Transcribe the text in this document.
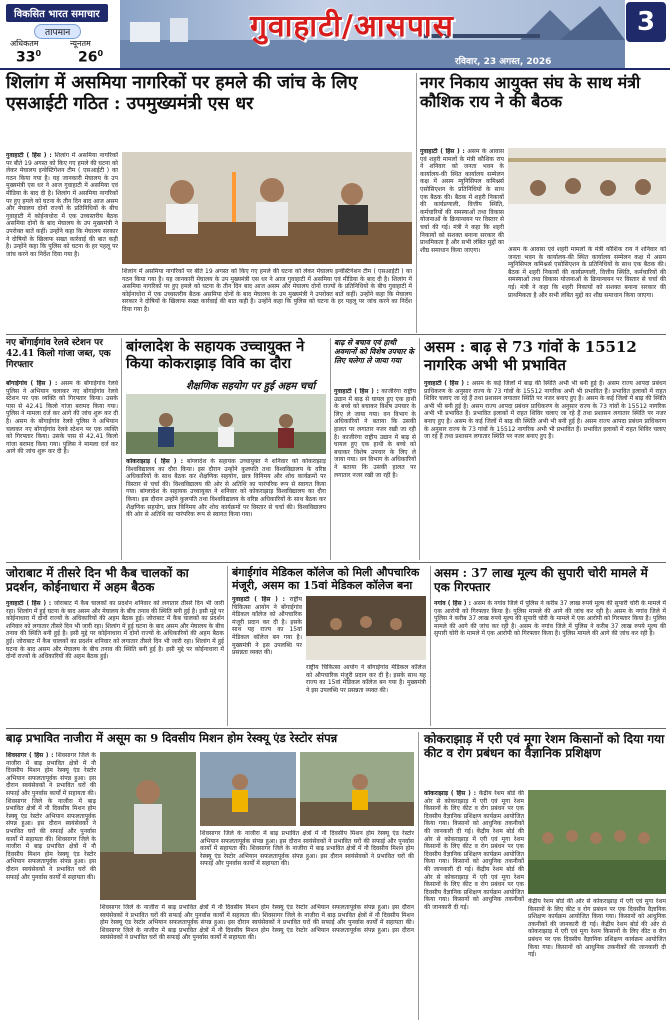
विकसित भारत समाचार
तापमान
अधिकतम	न्यूनतम
$33^0$	$26^0$
गुवाहाटी/आसपास
रविवार, 23 अगस्त, 2026
3
शिलांग में असमिया नागरिकों पर हमले की जांच के लिए एसआईटी गठित : उपमुख्यमंत्री एस धर
गुवाहाटी ( हिंस ) : शिलांग में असमिया नागरिकों पर बीते 19 अगस्त को किए गए हमले की घटना को लेकर मेघालय इन्वेस्टिगेशन टीम ( एसआईटी ) का गठन किया गया है। यह जानकारी मेघालय के उप मुख्यमंत्री एस धर ने आज गुवाहाटी में असमिया एवं मीडिया के बाद दी है। शिलांग में असमिया नागरिकों पर हुए हमले को घटना के तीन दिन बाद आज असम और मेघालय दोनों राज्यों के प्रतिनिधियों के बीच गुवाहाटी में कोईनाधोरा में एक उच्चस्तरीय बैठक असमिया दोनों के बाद मेघालय के उप मुख्यमंत्री ने उपरोक्त बातें कहीं। उन्होंने कहा कि मेघालय सरकार ने दोषियों के खिलाफ सख्त कार्रवाई की बात कही है। उन्होंने कहा कि पुलिस को घटना के हर पहलू पर जांच करने का निर्देश दिया गया है।
शिलांग में असमिया नागरिकों पर बीते 19 अगस्त को किए गए हमले की घटना को लेकर मेघालय इन्वेस्टिगेशन टीम ( एसआईटी ) का गठन किया गया है। यह जानकारी मेघालय के उप मुख्यमंत्री एस धर ने आज गुवाहाटी में असमिया एवं मीडिया के बाद दी है। शिलांग में असमिया नागरिकों पर हुए हमले को घटना के तीन दिन बाद आज असम और मेघालय दोनों राज्यों के प्रतिनिधियों के बीच गुवाहाटी में कोईनाधोरा में एक उच्चस्तरीय बैठक असमिया दोनों के बाद मेघालय के उप मुख्यमंत्री ने उपरोक्त बातें कहीं। उन्होंने कहा कि मेघालय सरकार ने दोषियों के खिलाफ सख्त कार्रवाई की बात कही है। उन्होंने कहा कि पुलिस को घटना के हर पहलू पर जांच करने का निर्देश दिया गया है।
नगर निकाय आयुक्त संघ के साथ मंत्री कौशिक राय ने की बैठक
गुवाहाटी ( हिंस ) : असम के आवास एवं शहरी मामलों के मंत्री कौशिक राय ने शनिवार को जनता भवन के कार्यालय-की स्थित कार्यालय सम्मेलन कक्ष में असम म्युनिसिपल कमिश्नर्स एसोसिएशन के प्रतिनिधियों के साथ एक बैठक की। बैठक में शहरी निकायों की कार्यप्रणाली, वित्तीय स्थिति, कर्मचारियों की समस्याओं तथा विकास योजनाओं के क्रियान्वयन पर विस्तार से चर्चा की गई। मंत्री ने कहा कि शहरी निकायों को सशक्त बनाना सरकार की प्राथमिकता है और सभी लंबित मुद्दों का शीघ्र समाधान किया जाएगा।	असम के आवास एवं शहरी मामलों के मंत्री कौशिक राय ने शनिवार को जनता भवन के कार्यालय-की स्थित कार्यालय सम्मेलन कक्ष में असम म्युनिसिपल कमिश्नर्स एसोसिएशन के प्रतिनिधियों के साथ एक बैठक की। बैठक में शहरी निकायों की कार्यप्रणाली, वित्तीय स्थिति, कर्मचारियों की समस्याओं तथा विकास योजनाओं के क्रियान्वयन पर विस्तार से चर्चा की गई। मंत्री ने कहा कि शहरी निकायों को सशक्त बनाना सरकार की प्राथमिकता है और सभी लंबित मुद्दों का शीघ्र समाधान किया जाएगा।
नए बोंगाईगांव रेलवे स्टेशन पर 42.41 किलो गांजा जब्त, एक गिरफ्तार
बोंगाईगांव ( हिंस ) : असम के बोंगाईगांव रेलवे पुलिस ने अभियान चलाकर नए बोंगाईगांव रेलवे स्टेशन पर एक व्यक्ति को गिरफ्तार किया। उसके पास से 42.41 किलो गांजा बरामद किया गया। पुलिस ने मामला दर्ज कर आगे की जांच शुरू कर दी है। असम के बोंगाईगांव रेलवे पुलिस ने अभियान चलाकर नए बोंगाईगांव रेलवे स्टेशन पर एक व्यक्ति को गिरफ्तार किया। उसके पास से 42.41 किलो गांजा बरामद किया गया। पुलिस ने मामला दर्ज कर आगे की जांच शुरू कर दी है।
बांग्लादेश के सहायक उच्चायुक्त ने किया कोकराझाड़ विवि का दौरा
शैक्षणिक सहयोग पर हुई अहम चर्चा
कोकराझाड़ ( हिंस ) : बांग्लादेश के सहायक उच्चायुक्त ने शनिवार को कोकराझाड़ विश्वविद्यालय का दौरा किया। इस दौरान उन्होंने कुलपति तथा विश्वविद्यालय के वरिष्ठ अधिकारियों के साथ बैठक कर शैक्षणिक सहयोग, छात्र विनिमय और शोध कार्यक्रमों पर विस्तार से चर्चा की। विश्वविद्यालय की ओर से अतिथि का पारंपरिक रूप से स्वागत किया गया। बांग्लादेश के सहायक उच्चायुक्त ने शनिवार को कोकराझाड़ विश्वविद्यालय का दौरा किया। इस दौरान उन्होंने कुलपति तथा विश्वविद्यालय के वरिष्ठ अधिकारियों के साथ बैठक कर शैक्षणिक सहयोग, छात्र विनिमय और शोध कार्यक्रमों पर विस्तार से चर्चा की। विश्वविद्यालय की ओर से अतिथि का पारंपरिक रूप से स्वागत किया गया।
बाढ़ से बचाव एवं हाथी अवमानों को विशेष उपचार के लिए चलेगा ले जाया गया
गुवाहाटी ( हिंस ) : काजीरंगा राष्ट्रीय उद्यान में बाढ़ से घायल हुए एक हाथी के बच्चे को बचाकर विशेष उपचार के लिए ले जाया गया। वन विभाग के अधिकारियों ने बताया कि उसकी हालत पर लगातार नजर रखी जा रही है। काजीरंगा राष्ट्रीय उद्यान में बाढ़ से घायल हुए एक हाथी के बच्चे को बचाकर विशेष उपचार के लिए ले जाया गया। वन विभाग के अधिकारियों ने बताया कि उसकी हालत पर लगातार नजर रखी जा रही है।
असम : बाढ़ से 73 गांवों के 15512 नागरिक अभी भी प्रभावित
गुवाहाटी ( हिंस ) : असम के कई जिलों में बाढ़ की स्थिति अभी भी बनी हुई है। असम राज्य आपदा प्रबंधन प्राधिकरण के अनुसार राज्य के 73 गांवों के 15512 नागरिक अभी भी प्रभावित हैं। प्रभावित इलाकों में राहत शिविर चलाए जा रहे हैं तथा प्रशासन लगातार स्थिति पर नजर बनाए हुए है। असम के कई जिलों में बाढ़ की स्थिति अभी भी बनी हुई है। असम राज्य आपदा प्रबंधन प्राधिकरण के अनुसार राज्य के 73 गांवों के 15512 नागरिक अभी भी प्रभावित हैं। प्रभावित इलाकों में राहत शिविर चलाए जा रहे हैं तथा प्रशासन लगातार स्थिति पर नजर बनाए हुए है। असम के कई जिलों में बाढ़ की स्थिति अभी भी बनी हुई है। असम राज्य आपदा प्रबंधन प्राधिकरण के अनुसार राज्य के 73 गांवों के 15512 नागरिक अभी भी प्रभावित हैं। प्रभावित इलाकों में राहत शिविर चलाए जा रहे हैं तथा प्रशासन लगातार स्थिति पर नजर बनाए हुए है।
जोराबाट में तीसरे दिन भी कैब चालकों का प्रदर्शन, कोईनाधारा में अहम बैठक
गुवाहाटी ( हिंस ) : जोराबाट में कैब चालकों का प्रदर्शन शनिवार को लगातार तीसरे दिन भी जारी रहा। शिलांग में हुई घटना के बाद असम और मेघालय के बीच तनाव की स्थिति बनी हुई है। इसी मुद्दे पर कोईनाधारा में दोनों राज्यों के अधिकारियों की अहम बैठक हुई। जोराबाट में कैब चालकों का प्रदर्शन शनिवार को लगातार तीसरे दिन भी जारी रहा। शिलांग में हुई घटना के बाद असम और मेघालय के बीच तनाव की स्थिति बनी हुई है। इसी मुद्दे पर कोईनाधारा में दोनों राज्यों के अधिकारियों की अहम बैठक हुई। जोराबाट में कैब चालकों का प्रदर्शन शनिवार को लगातार तीसरे दिन भी जारी रहा। शिलांग में हुई घटना के बाद असम और मेघालय के बीच तनाव की स्थिति बनी हुई है। इसी मुद्दे पर कोईनाधारा में दोनों राज्यों के अधिकारियों की अहम बैठक हुई।
बंगाईगांव मेडिकल कॉलेज को मिली औपचारिक मंजूरी, असम का 15वां मेडिकल कॉलेज बना
गुवाहाटी ( हिंस ) : राष्ट्रीय चिकित्सा आयोग ने बोंगाईगांव मेडिकल कॉलेज को औपचारिक मंजूरी प्रदान कर दी है। इसके साथ यह राज्य का 15वां मेडिकल कॉलेज बन गया है। मुख्यमंत्री ने इस उपलब्धि पर प्रसन्नता व्यक्त की।
राष्ट्रीय चिकित्सा आयोग ने बोंगाईगांव मेडिकल कॉलेज को औपचारिक मंजूरी प्रदान कर दी है। इसके साथ यह राज्य का 15वां मेडिकल कॉलेज बन गया है। मुख्यमंत्री ने इस उपलब्धि पर प्रसन्नता व्यक्त की।
असम : 37 लाख मूल्य की सुपारी चोरी मामले में एक गिरफ्तार
नगांव ( हिंस ) : असम के नगांव जिले में पुलिस ने करीब 37 लाख रुपये मूल्य की सुपारी चोरी के मामले में एक आरोपी को गिरफ्तार किया है। पुलिस मामले की आगे की जांच कर रही है। असम के नगांव जिले में पुलिस ने करीब 37 लाख रुपये मूल्य की सुपारी चोरी के मामले में एक आरोपी को गिरफ्तार किया है। पुलिस मामले की आगे की जांच कर रही है। असम के नगांव जिले में पुलिस ने करीब 37 लाख रुपये मूल्य की सुपारी चोरी के मामले में एक आरोपी को गिरफ्तार किया है। पुलिस मामले की आगे की जांच कर रही है।
बाढ़ प्रभावित नाजीरा में असूम का 9 दिवसीय मिशन होम रेस्क्यू एंड रेस्टोर संपन्न
शिवसागर ( हिंस ) : शिवसागर जिले के नाजीरा में बाढ़ प्रभावित क्षेत्रों में नौ दिवसीय मिशन होम रेस्क्यू एंड रेस्टोर अभियान सफलतापूर्वक संपन्न हुआ। इस दौरान स्वयंसेवकों ने प्रभावित घरों की सफाई और पुनर्वास कार्यों में सहायता की। शिवसागर जिले के नाजीरा में बाढ़ प्रभावित क्षेत्रों में नौ दिवसीय मिशन होम रेस्क्यू एंड रेस्टोर अभियान सफलतापूर्वक संपन्न हुआ। इस दौरान स्वयंसेवकों ने प्रभावित घरों की सफाई और पुनर्वास कार्यों में सहायता की। शिवसागर जिले के नाजीरा में बाढ़ प्रभावित क्षेत्रों में नौ दिवसीय मिशन होम रेस्क्यू एंड रेस्टोर अभियान सफलतापूर्वक संपन्न हुआ। इस दौरान स्वयंसेवकों ने प्रभावित घरों की सफाई और पुनर्वास कार्यों में सहायता की।
शिवसागर जिले के नाजीरा में बाढ़ प्रभावित क्षेत्रों में नौ दिवसीय मिशन होम रेस्क्यू एंड रेस्टोर अभियान सफलतापूर्वक संपन्न हुआ। इस दौरान स्वयंसेवकों ने प्रभावित घरों की सफाई और पुनर्वास कार्यों में सहायता की। शिवसागर जिले के नाजीरा में बाढ़ प्रभावित क्षेत्रों में नौ दिवसीय मिशन होम रेस्क्यू एंड रेस्टोर अभियान सफलतापूर्वक संपन्न हुआ। इस दौरान स्वयंसेवकों ने प्रभावित घरों की सफाई और पुनर्वास कार्यों में सहायता की।
शिवसागर जिले के नाजीरा में बाढ़ प्रभावित क्षेत्रों में नौ दिवसीय मिशन होम रेस्क्यू एंड रेस्टोर अभियान सफलतापूर्वक संपन्न हुआ। इस दौरान स्वयंसेवकों ने प्रभावित घरों की सफाई और पुनर्वास कार्यों में सहायता की। शिवसागर जिले के नाजीरा में बाढ़ प्रभावित क्षेत्रों में नौ दिवसीय मिशन होम रेस्क्यू एंड रेस्टोर अभियान सफलतापूर्वक संपन्न हुआ। इस दौरान स्वयंसेवकों ने प्रभावित घरों की सफाई और पुनर्वास कार्यों में सहायता की। शिवसागर जिले के नाजीरा में बाढ़ प्रभावित क्षेत्रों में नौ दिवसीय मिशन होम रेस्क्यू एंड रेस्टोर अभियान सफलतापूर्वक संपन्न हुआ। इस दौरान स्वयंसेवकों ने प्रभावित घरों की सफाई और पुनर्वास कार्यों में सहायता की।
कोकराझाड़ में एरी एवं मूगा रेशम किसानों को दिया गया कीट व रोग प्रबंधन का वैज्ञानिक प्रशिक्षण
कोकराझाड़ ( हिंस ) : केंद्रीय रेशम बोर्ड की ओर से कोकराझाड़ में एरी एवं मूगा रेशम किसानों के लिए कीट व रोग प्रबंधन पर एक दिवसीय वैज्ञानिक प्रशिक्षण कार्यक्रम आयोजित किया गया। किसानों को आधुनिक तकनीकों की जानकारी दी गई। केंद्रीय रेशम बोर्ड की ओर से कोकराझाड़ में एरी एवं मूगा रेशम किसानों के लिए कीट व रोग प्रबंधन पर एक दिवसीय वैज्ञानिक प्रशिक्षण कार्यक्रम आयोजित किया गया। किसानों को आधुनिक तकनीकों की जानकारी दी गई। केंद्रीय रेशम बोर्ड की ओर से कोकराझाड़ में एरी एवं मूगा रेशम किसानों के लिए कीट व रोग प्रबंधन पर एक दिवसीय वैज्ञानिक प्रशिक्षण कार्यक्रम आयोजित किया गया। किसानों को आधुनिक तकनीकों की जानकारी दी गई।
केंद्रीय रेशम बोर्ड की ओर से कोकराझाड़ में एरी एवं मूगा रेशम किसानों के लिए कीट व रोग प्रबंधन पर एक दिवसीय वैज्ञानिक प्रशिक्षण कार्यक्रम आयोजित किया गया। किसानों को आधुनिक तकनीकों की जानकारी दी गई। केंद्रीय रेशम बोर्ड की ओर से कोकराझाड़ में एरी एवं मूगा रेशम किसानों के लिए कीट व रोग प्रबंधन पर एक दिवसीय वैज्ञानिक प्रशिक्षण कार्यक्रम आयोजित किया गया। किसानों को आधुनिक तकनीकों की जानकारी दी गई।
